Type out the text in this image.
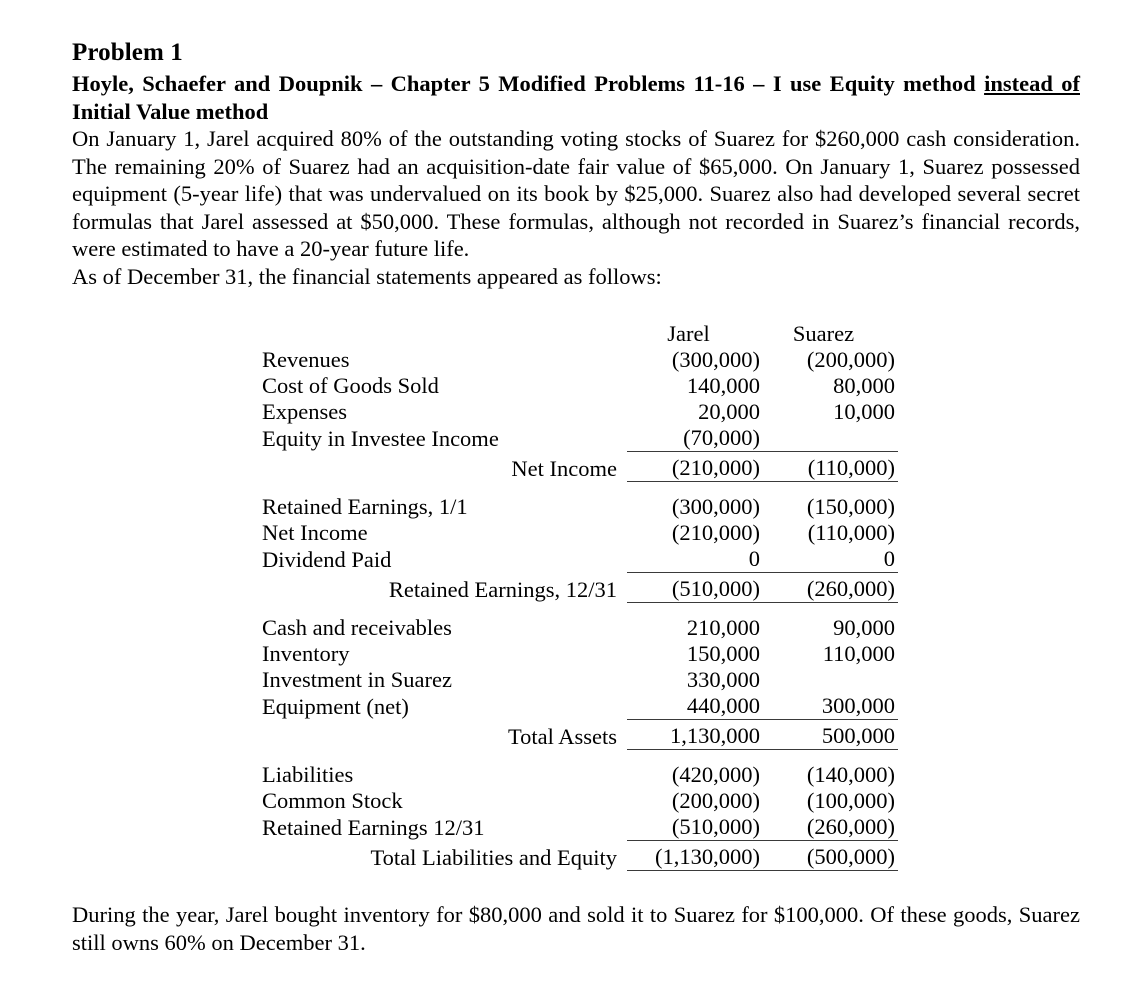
Problem 1

Hoyle, Schaefer and Doupnik – Chapter 5 Modified Problems 11-16 – I use Equity method instead of Initial Value method

On January 1, Jarel acquired 80% of the outstanding voting stocks of Suarez for $260,000 cash consideration. The remaining 20% of Suarez had an acquisition-date fair value of $65,000. On January 1, Suarez possessed equipment (5-year life) that was undervalued on its book by $25,000. Suarez also had developed several secret formulas that Jarel assessed at $50,000. These formulas, although not recorded in Suarez’s financial records, were estimated to have a 20-year future life.

As of December 31, the financial statements appeared as follows:

	Jarel	Suarez
Revenues	(300,000)	(200,000)
Cost of Goods Sold	140,000	80,000
Expenses	20,000	10,000
Equity in Investee Income	(70,000)	
Net Income	(210,000)	(110,000)

Retained Earnings, 1/1	(300,000)	(150,000)
Net Income	(210,000)	(110,000)
Dividend Paid	0	0
Retained Earnings, 12/31	(510,000)	(260,000)

Cash and receivables	210,000	90,000
Inventory	150,000	110,000
Investment in Suarez	330,000	
Equipment (net)	440,000	300,000
Total Assets	1,130,000	500,000

Liabilities	(420,000)	(140,000)
Common Stock	(200,000)	(100,000)
Retained Earnings 12/31	(510,000)	(260,000)
Total Liabilities and Equity	(1,130,000)	(500,000)

During the year, Jarel bought inventory for $80,000 and sold it to Suarez for $100,000. Of these goods, Suarez still owns 60% on December 31.
